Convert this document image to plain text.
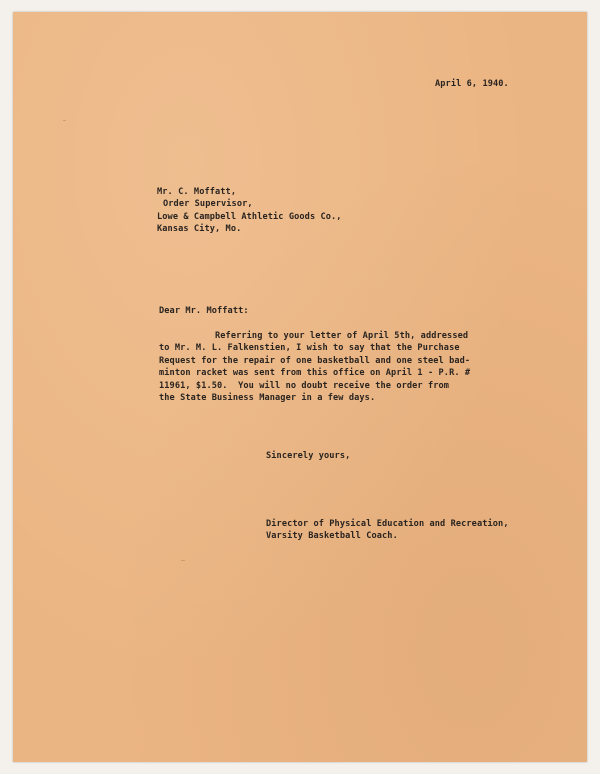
April 6, 1940.
Mr. C. Moffatt,

Order Supervisor,
Lowe & Campbell Athletic Goods Co.,
Kansas City, Mo.
Dear Mr. Moffatt:
Referring to your letter of April 5th, addressed
to Mr. M. L. Falkenstien, I wish to say that the Purchase
Request for the repair of one basketball and one steel bad-
minton racket was sent from this office on April 1 - P.R. #
11961, $1.50.  You will no doubt receive the order from
the State Business Manager in a few days.
Sincerely yours,
Director of Physical Education and Recreation,
Varsity Basketball Coach.
